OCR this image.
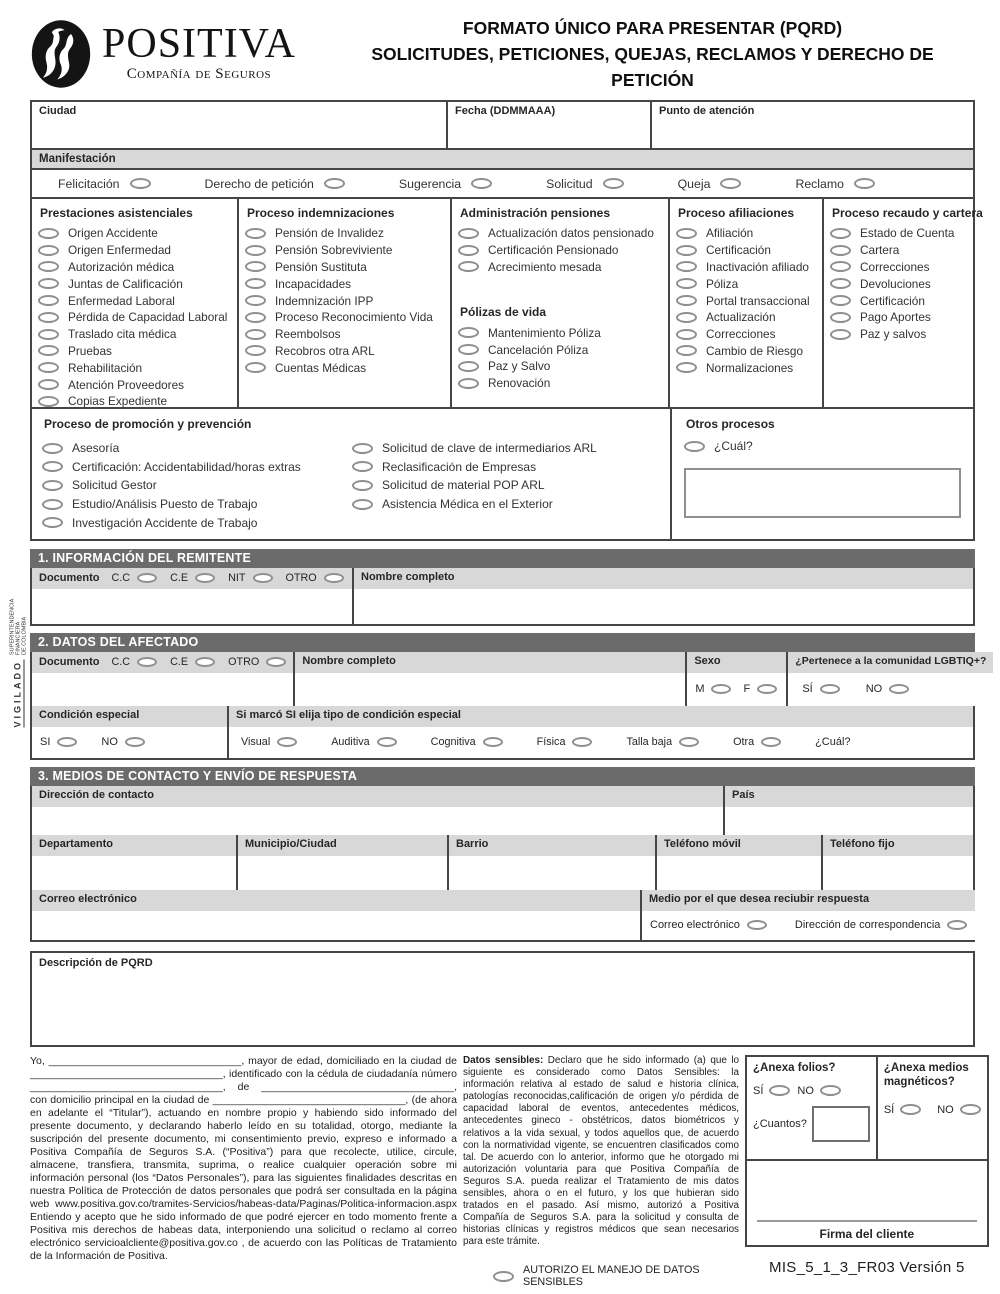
VIGILADO
SUPERINTENDENCIA FINANCIERA DE COLOMBIA
POSITIVA
Compañía de Seguros
FORMATO ÚNICO PARA PRESENTAR (PQRD)
SOLICITUDES, PETICIONES, QUEJAS, RECLAMOS Y DERECHO DE PETICIÓN
Ciudad	Fecha (DDMMAAA)	Punto de atención
Manifestación
Felicitación	Derecho de petición	Sugerencia	Solicitud	Queja	Reclamo
Prestaciones asistenciales
Origen Accidente
Origen Enfermedad
Autorización médica
Juntas de Calificación
Enfermedad Laboral
Pérdida de Capacidad Laboral
Traslado cita médica
Pruebas
Rehabilitación
Atención Proveedores
Copias Expediente
Proceso indemnizaciones
Pensión de Invalidez
Pensión Sobreviviente
Pensión Sustituta
Incapacidades
Indemnización IPP
Proceso Reconocimiento Vida
Reembolsos
Recobros otra ARL
Cuentas Médicas
Administración pensiones
Actualización datos pensionado
Certificación Pensionado
Acrecimiento mesada
Pólizas de vida
Mantenimiento Póliza
Cancelación Póliza
Paz y Salvo
Renovación
Proceso afiliaciones
Afiliación
Certificación
Inactivación afiliado
Póliza
Portal transaccional
Actualización
Correcciones
Cambio de Riesgo
Normalizaciones
Proceso recaudo y cartera
Estado de Cuenta
Cartera
Correcciones
Devoluciones
Certificación
Pago Aportes
Paz y salvos
Proceso de promoción y prevención
Asesoría
Certificación: Accidentabilidad/horas extras
Solicitud Gestor
Estudio/Análisis Puesto de Trabajo
Investigación Accidente de Trabajo
Solicitud de clave de intermediarios ARL
Reclasificación de Empresas
Solicitud de material POP ARL
Asistencia Médica en el Exterior
Otros procesos
¿Cuál?
1. INFORMACIÓN DEL REMITENTE
Documento C.C	C.E	NIT	OTRO	Nombre completo
2. DATOS DEL AFECTADO
Documento C.C	C.E	OTRO	Nombre completo	Sexo
M	F
¿Pertenece a la comunidad LGBTIQ+?
SÍ	NO
Condición especial
SI	NO
Si marcó SI elija tipo de condición especial
Visual	Auditiva	Cognitiva	Física	Talla baja	Otra	¿Cuál?
3. MEDIOS DE CONTACTO Y ENVÍO DE RESPUESTA
Dirección de contacto	País
Departamento	Municipio/Ciudad	Barrio	Teléfono móvil	Teléfono fijo
Correo electrónico	Medio por el que desea reciubir respuesta
Correo electrónico	Dirección de correspondencia
Descripción de PQRD

Yo, _________________________________, mayor de edad, domiciliado en la ciudad de _________________________________, identificado con la cédula de ciudadanía número _________________________________, de _________________________________, con domicilio principal en la ciudad de _________________________________, (de ahora en adelante el “Titular”), actuando en nombre propio y habiendo sido informado del presente documento, y declarando haberlo leído en su totalidad, otorgo, mediante la suscripción del presente documento, mi consentimiento previo, expreso e informado a Positiva Compañía de Seguros S.A. (“Positiva”) para que recolecte, utilice, circule, almacene, transfiera, transmita, suprima, o realice cualquier operación sobre mi información personal (los “Datos Personales”), para las siguientes finalidades descritas en nuestra Política de Protección de datos personales que podrá ser consultada en la página web www.positiva.gov.co/tramites-Servicios/habeas-data/Paginas/Politica-informacion.aspx Entiendo y acepto que he sido informado de que podré ejercer en todo momento frente a Positiva mis derechos de habeas data, interponiendo una solicitud o reclamo al correo electrónico servicioalcliente@positiva.gov.co , de acuerdo con las Políticas de Tratamiento de la Información de Positiva.

Datos sensibles: Declaro que he sido informado (a) que lo siguiente es considerado como Datos Sensibles: la información relativa al estado de salud e historia clínica, patologías reconocidas,calificación de origen y/o pérdida de capacidad laboral de eventos, antecedentes médicos, antecedentes gineco - obstétricos, datos biométricos y relativos a la vida sexual, y todos aquellos que, de acuerdo con la normatividad vigente, se encuentren clasificados como tal. De acuerdo con lo anterior, informo que he otorgado mi autorización voluntaria para que Positiva Compañía de Seguros S.A. pueda realizar el Tratamiento de mis datos sensibles, ahora o en el futuro, y los que hubieran sido tratados en el pasado. Así mismo, autorizó a Positiva Compañía de Seguros S.A. para la solicitud y consulta de historias clínicas y registros médicos que sean necesarios para este trámite.

AUTORIZO EL MANEJO DE DATOS SENSIBLES
¿Anexa folios?
SÍ	NO
¿Cuantos?
¿Anexa medios magnéticos?
SÍ	NO
Firma del cliente
MIS_5_1_3_FR03 Versión 5
